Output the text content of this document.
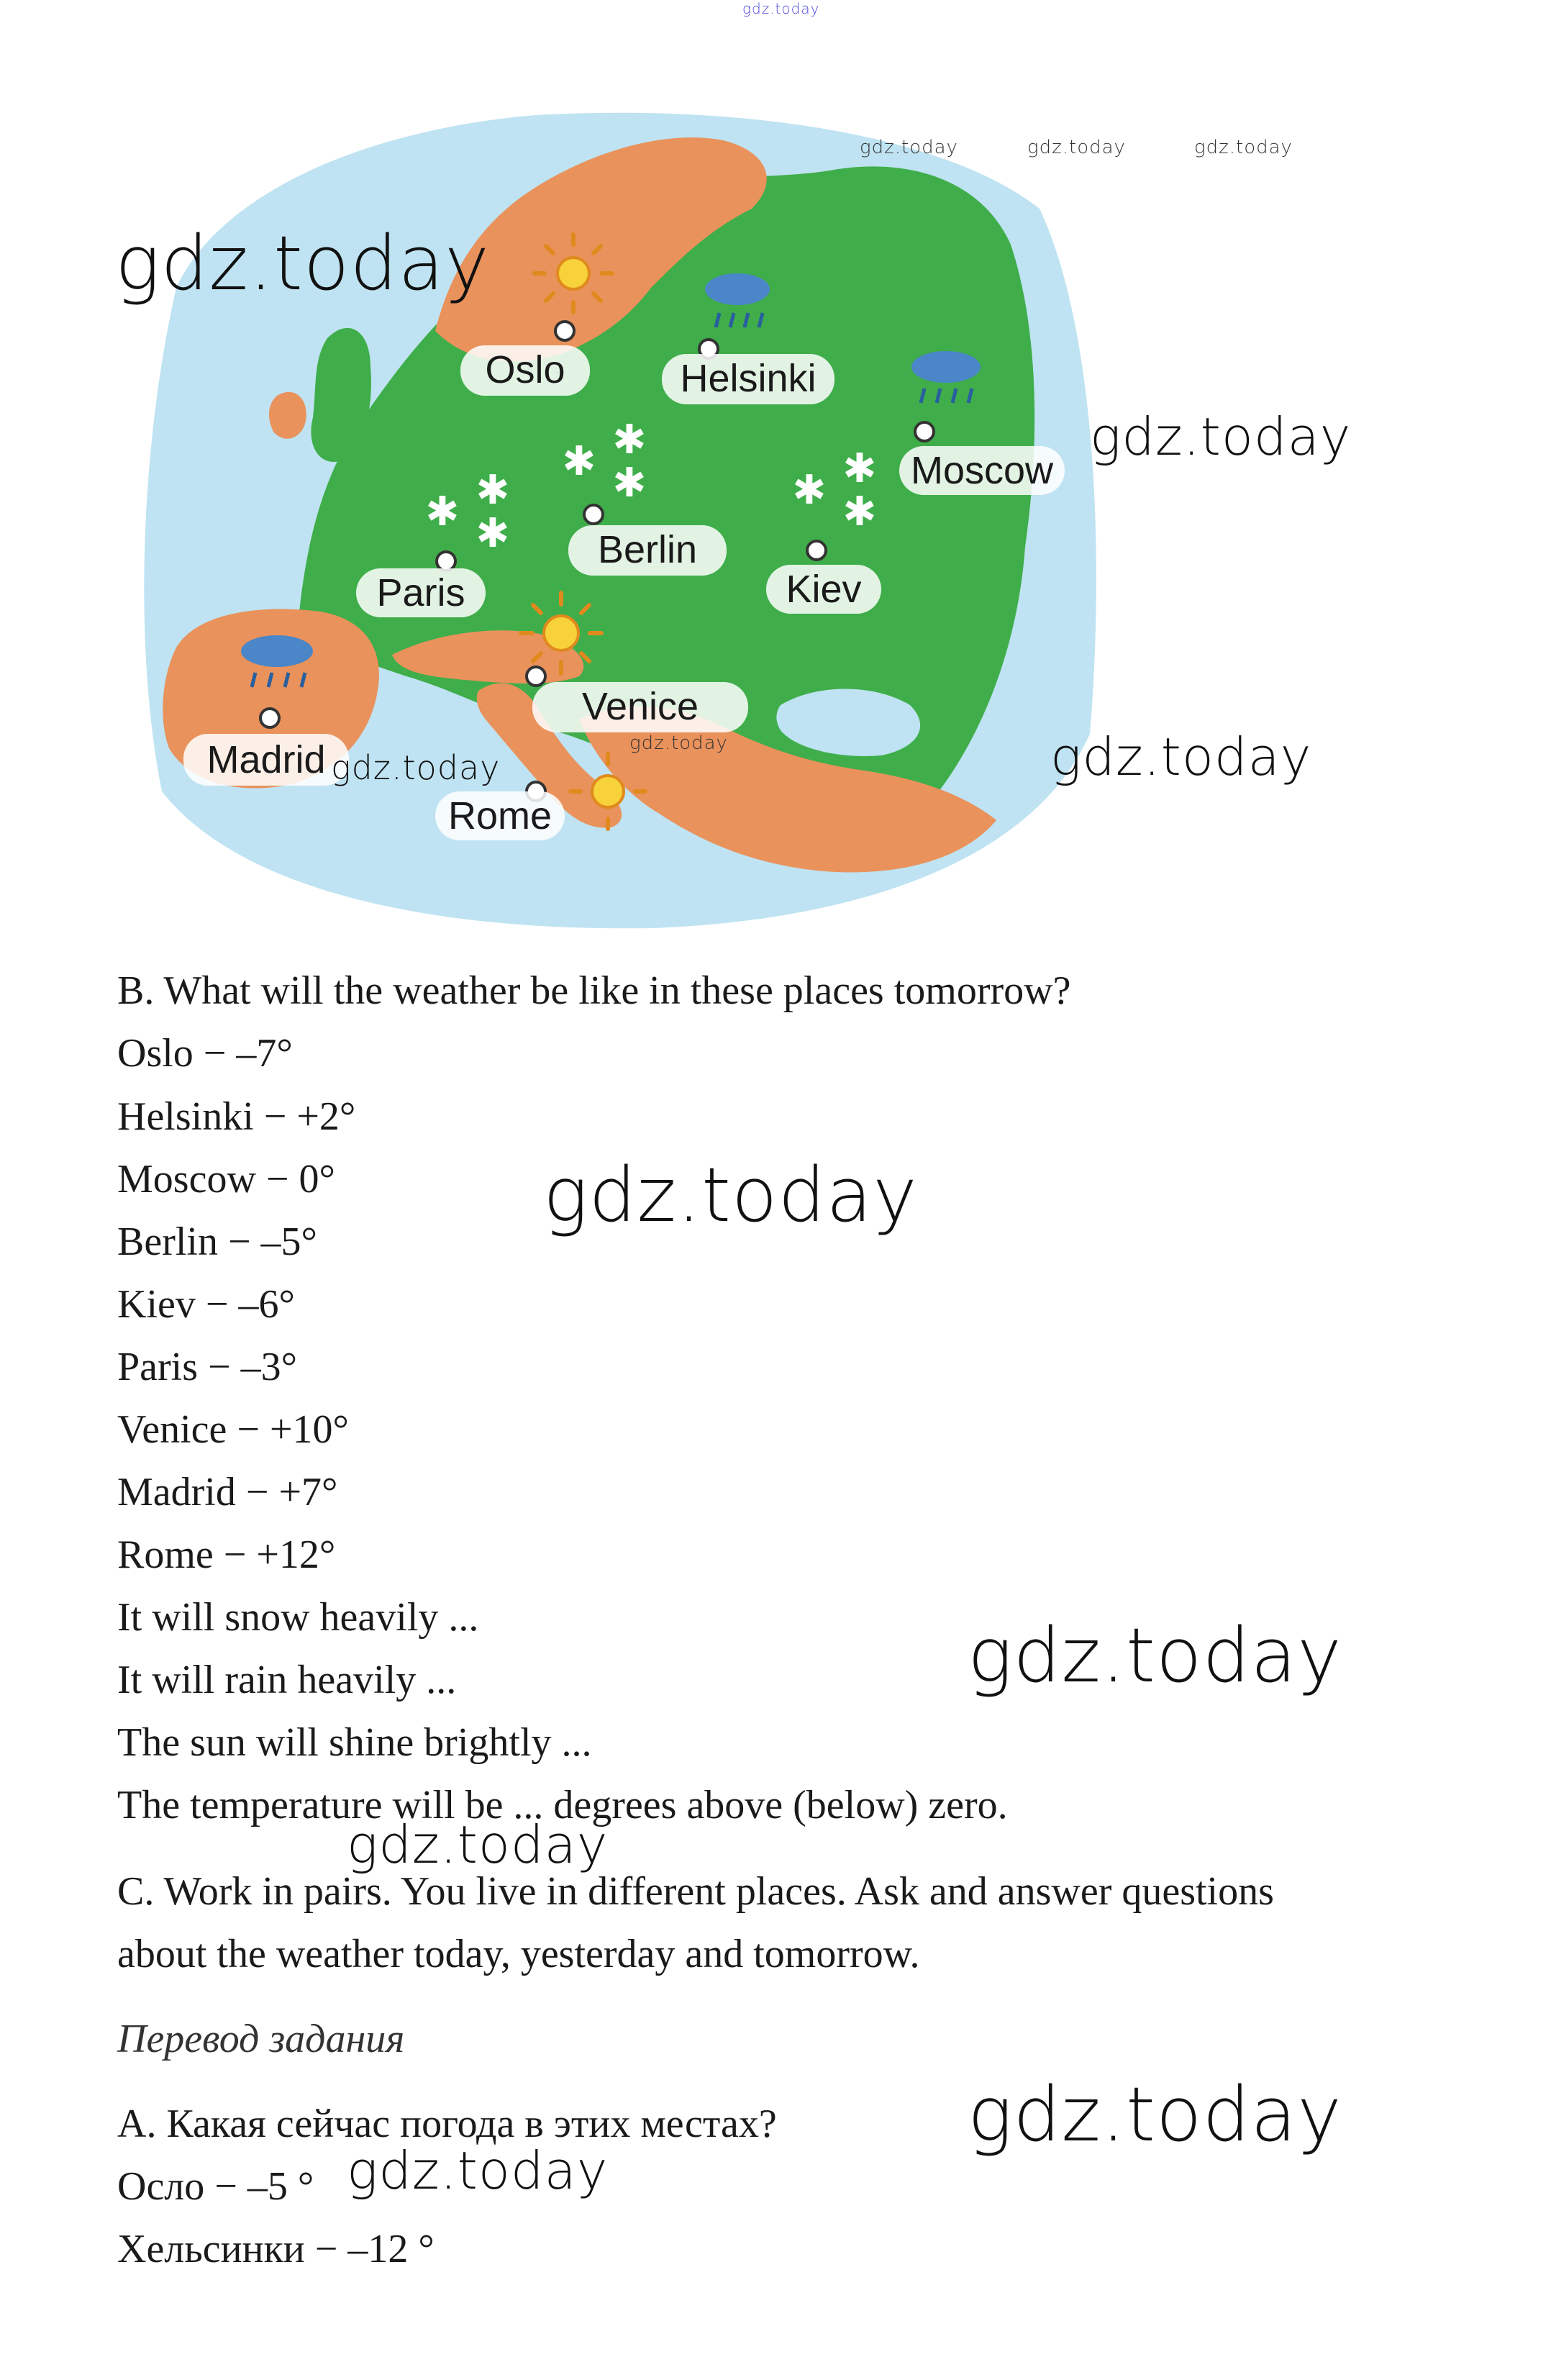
gdz.today
✱ ✱
✱
✱ ✱
✱	✱ ✱
✱
Oslo	Helsinki
Moscow
Berlin
Paris	Kiev
Venice
Madrid
Rome
gdz.today
gdz.today	gdz.today	gdz.today
gdz.today
gdz.today
gdz.today
gdz.today
B. What will the weather be like in these places tomorrow?
Oslo − –7°
Helsinki − +2°
Moscow − 0°
Berlin − –5°
Kiev − –6°
Paris − –3°
Venice − +10°
Madrid − +7°
Rome − +12°
It will snow heavily ...
It will rain heavily ...
The sun will shine brightly ...
The temperature will be ... degrees above (below) zero.
C. Work in pairs. You live in different places. Ask and answer questions
about the weather today, yesterday and tomorrow.
Перевод задания
А. Какая сейчас погода в этих местах?
Осло − –5 °
Хельсинки − –12 °
gdz.today
gdz.today
gdz.today
gdz.today
gdz.today
